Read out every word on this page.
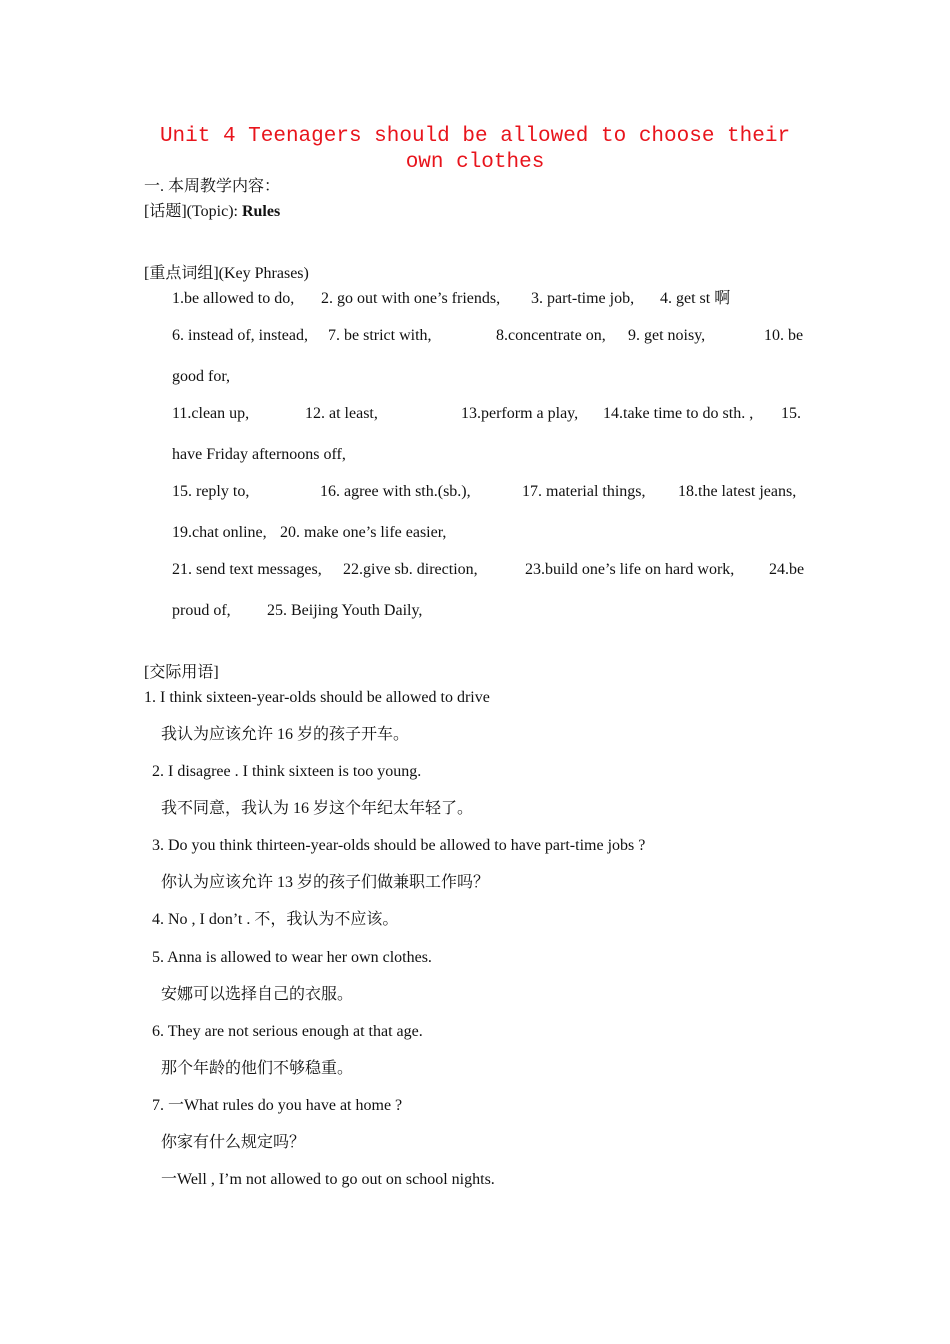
Unit 4 Teenagers should be allowed to choose their own clothes
一. 本周教学内容：
[话题](Topic): Rules
[重点词组](Key Phrases)
1.be allowed to do, 2. go out with one’s friends, 3. part-time job, 4. get st 啊
6. instead of, instead, 7. be strict with,	8.concentrate on, 9. get noisy,	10. be
good for,
11.clean up,	12. at least,	13.perform a play, 14.take time to do sth. , 15.
have Friday afternoons off,
15. reply to,	16. agree with sth.(sb.),	17. material things, 18.the latest jeans,
19.chat online, 20. make one’s life easier,
21. send text messages, 22.give sb. direction,	23.build one’s life on hard work, 24.be
proud of, 25. Beijing Youth Daily,
[交际用语]
1. I think sixteen-year-olds should be allowed to drive
我认为应该允许 16 岁的孩子开车。
2. I disagree . I think sixteen is too young.
我不同意，我认为 16 岁这个年纪太年轻了。
3. Do you think thirteen-year-olds should be allowed to have part-time jobs ?
你认为应该允许 13 岁的孩子们做兼职工作吗？
4. No , I don’t . 不，我认为不应该。
5. Anna is allowed to wear her own clothes.
安娜可以选择自己的衣服。
6. They are not serious enough at that age.
那个年龄的他们不够稳重。
7. 一What rules do you have at home ?
你家有什么规定吗？
一Well , I’m not allowed to go out on school nights.
